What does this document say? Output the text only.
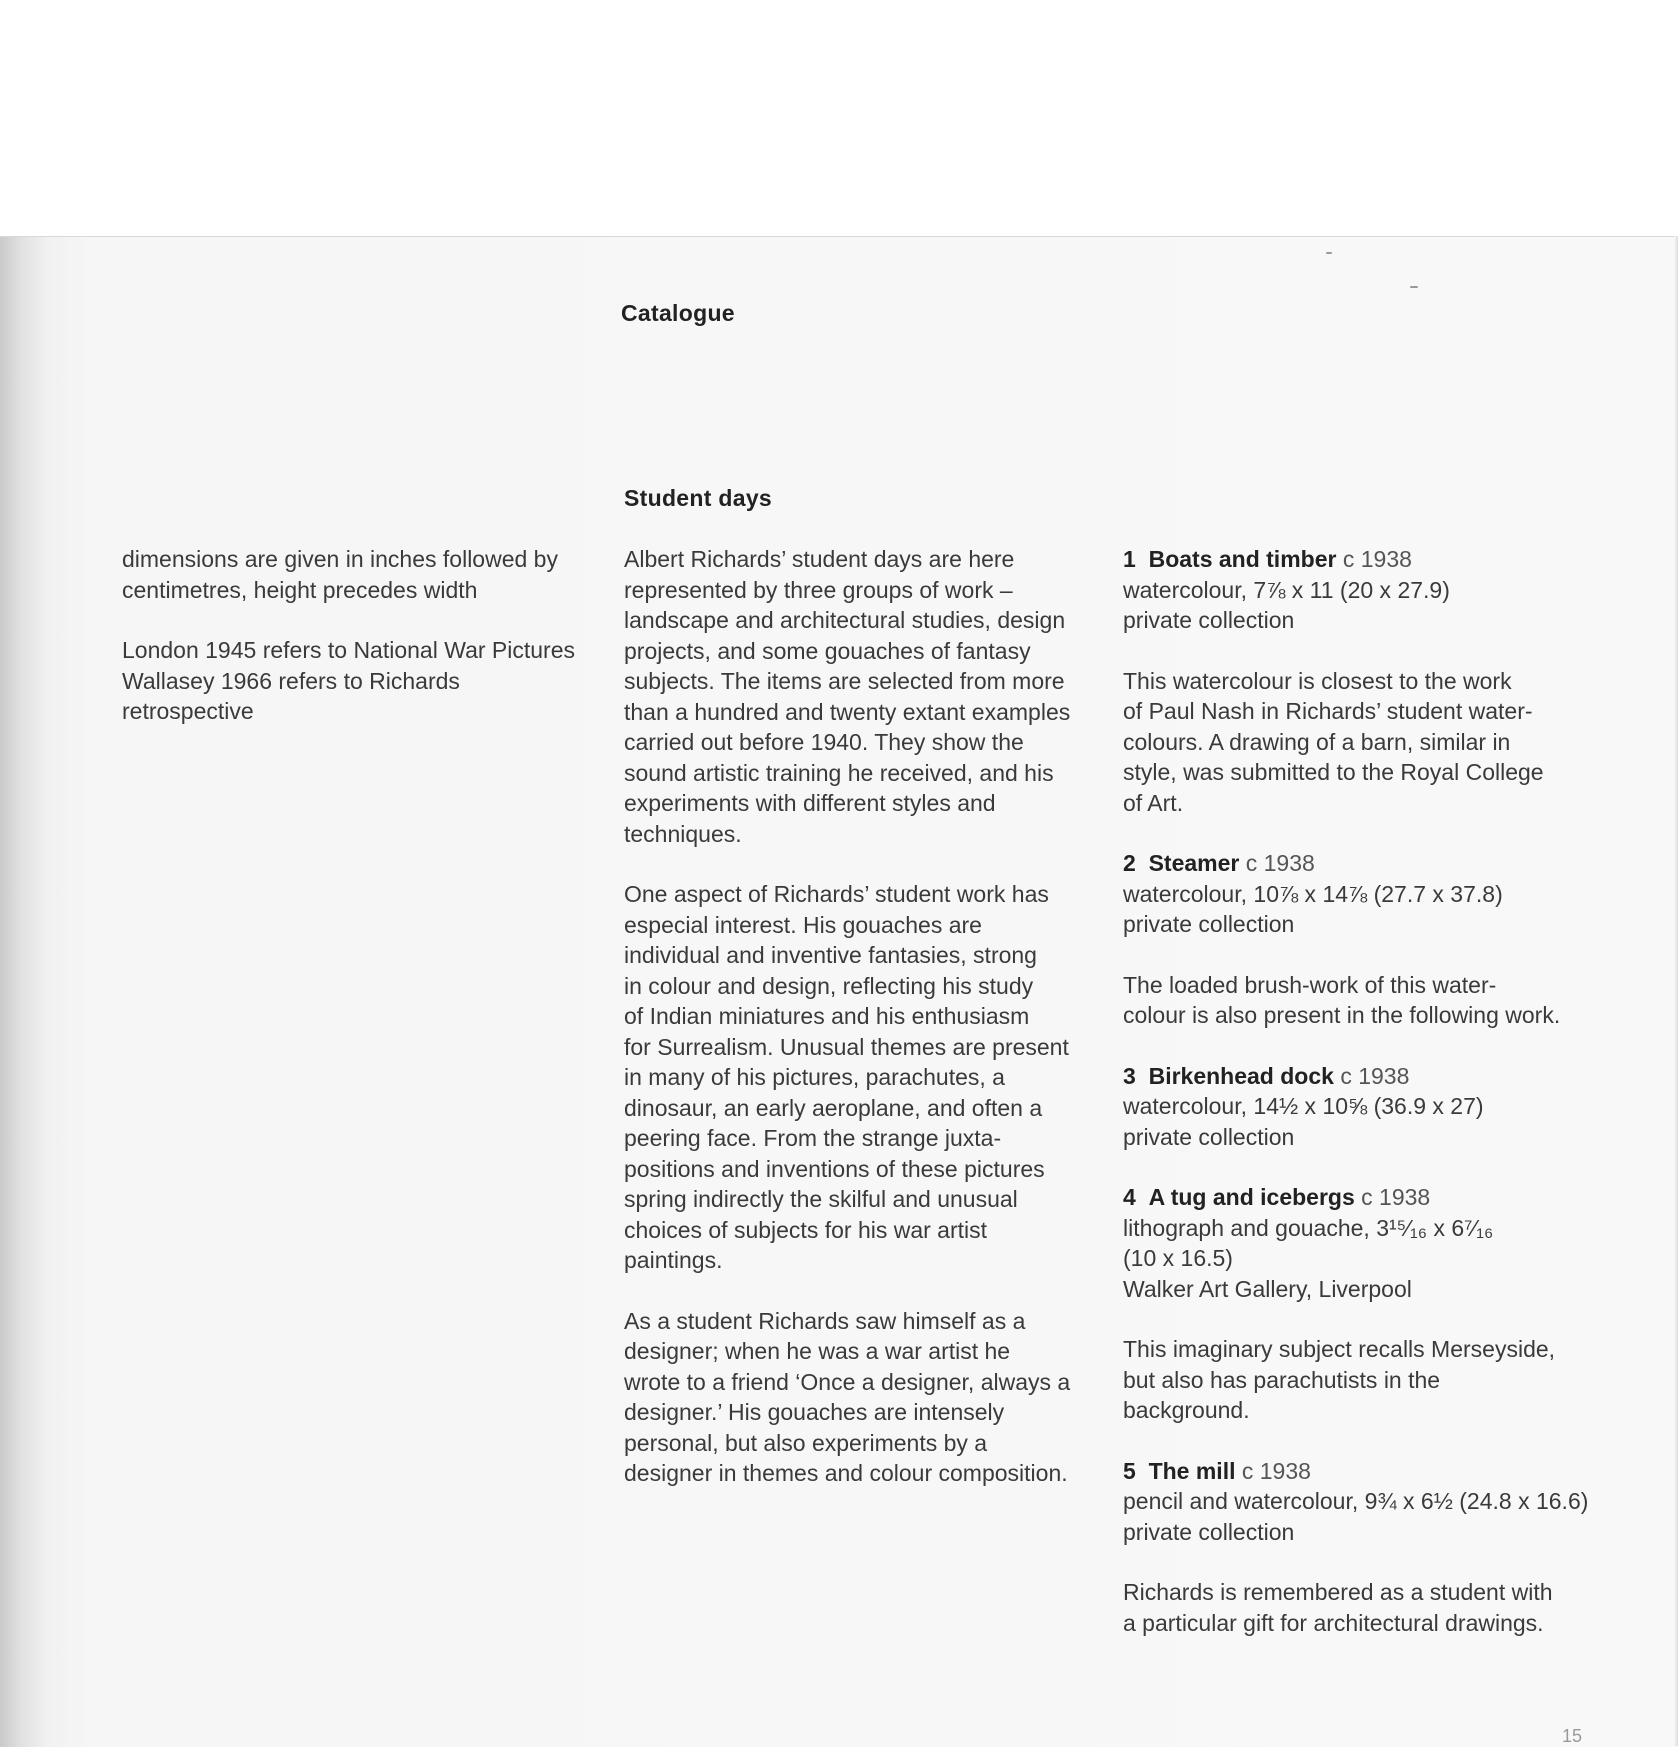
Catalogue
Student days

dimensions are given in inches followed by
centimetres, height precedes width

London 1945 refers to National War Pictures
Wallasey 1966 refers to Richards
retrospective

Albert Richards’ student days are here
represented by three groups of work –
landscape and architectural studies, design
projects, and some gouaches of fantasy
subjects. The items are selected from more
than a hundred and twenty extant examples
carried out before 1940. They show the
sound artistic training he received, and his
experiments with different styles and
techniques.

One aspect of Richards’ student work has
especial interest. His gouaches are
individual and inventive fantasies, strong
in colour and design, reflecting his study
of Indian miniatures and his enthusiasm
for Surrealism. Unusual themes are present
in many of his pictures, parachutes, a
dinosaur, an early aeroplane, and often a
peering face. From the strange juxta-
positions and inventions of these pictures
spring indirectly the skilful and unusual
choices of subjects for his war artist
paintings.

As a student Richards saw himself as a
designer; when he was a war artist he
wrote to a friend ‘Once a designer, always a
designer.’ His gouaches are intensely
personal, but also experiments by a
designer in themes and colour composition.

1 Boats and timber c 1938
watercolour, 7⅞ x 11 (20 x 27.9)
private collection

This watercolour is closest to the work
of Paul Nash in Richards’ student water-
colours. A drawing of a barn, similar in
style, was submitted to the Royal College
of Art.

2 Steamer c 1938
watercolour, 10⅞ x 14⅞ (27.7 x 37.8)
private collection

The loaded brush-work of this water-
colour is also present in the following work.

3 Birkenhead dock c 1938
watercolour, 14½ x 10⅝ (36.9 x 27)
private collection
4 A tug and icebergs c 1938
lithograph and gouache, 3¹⁵⁄₁₆ x 6⁷⁄₁₆
(10 x 16.5)
Walker Art Gallery, Liverpool

This imaginary subject recalls Merseyside,
but also has parachutists in the
background.

5 The mill c 1938
pencil and watercolour, 9¾ x 6½ (24.8 x 16.6)
private collection

Richards is remembered as a student with
a particular gift for architectural drawings.

15
